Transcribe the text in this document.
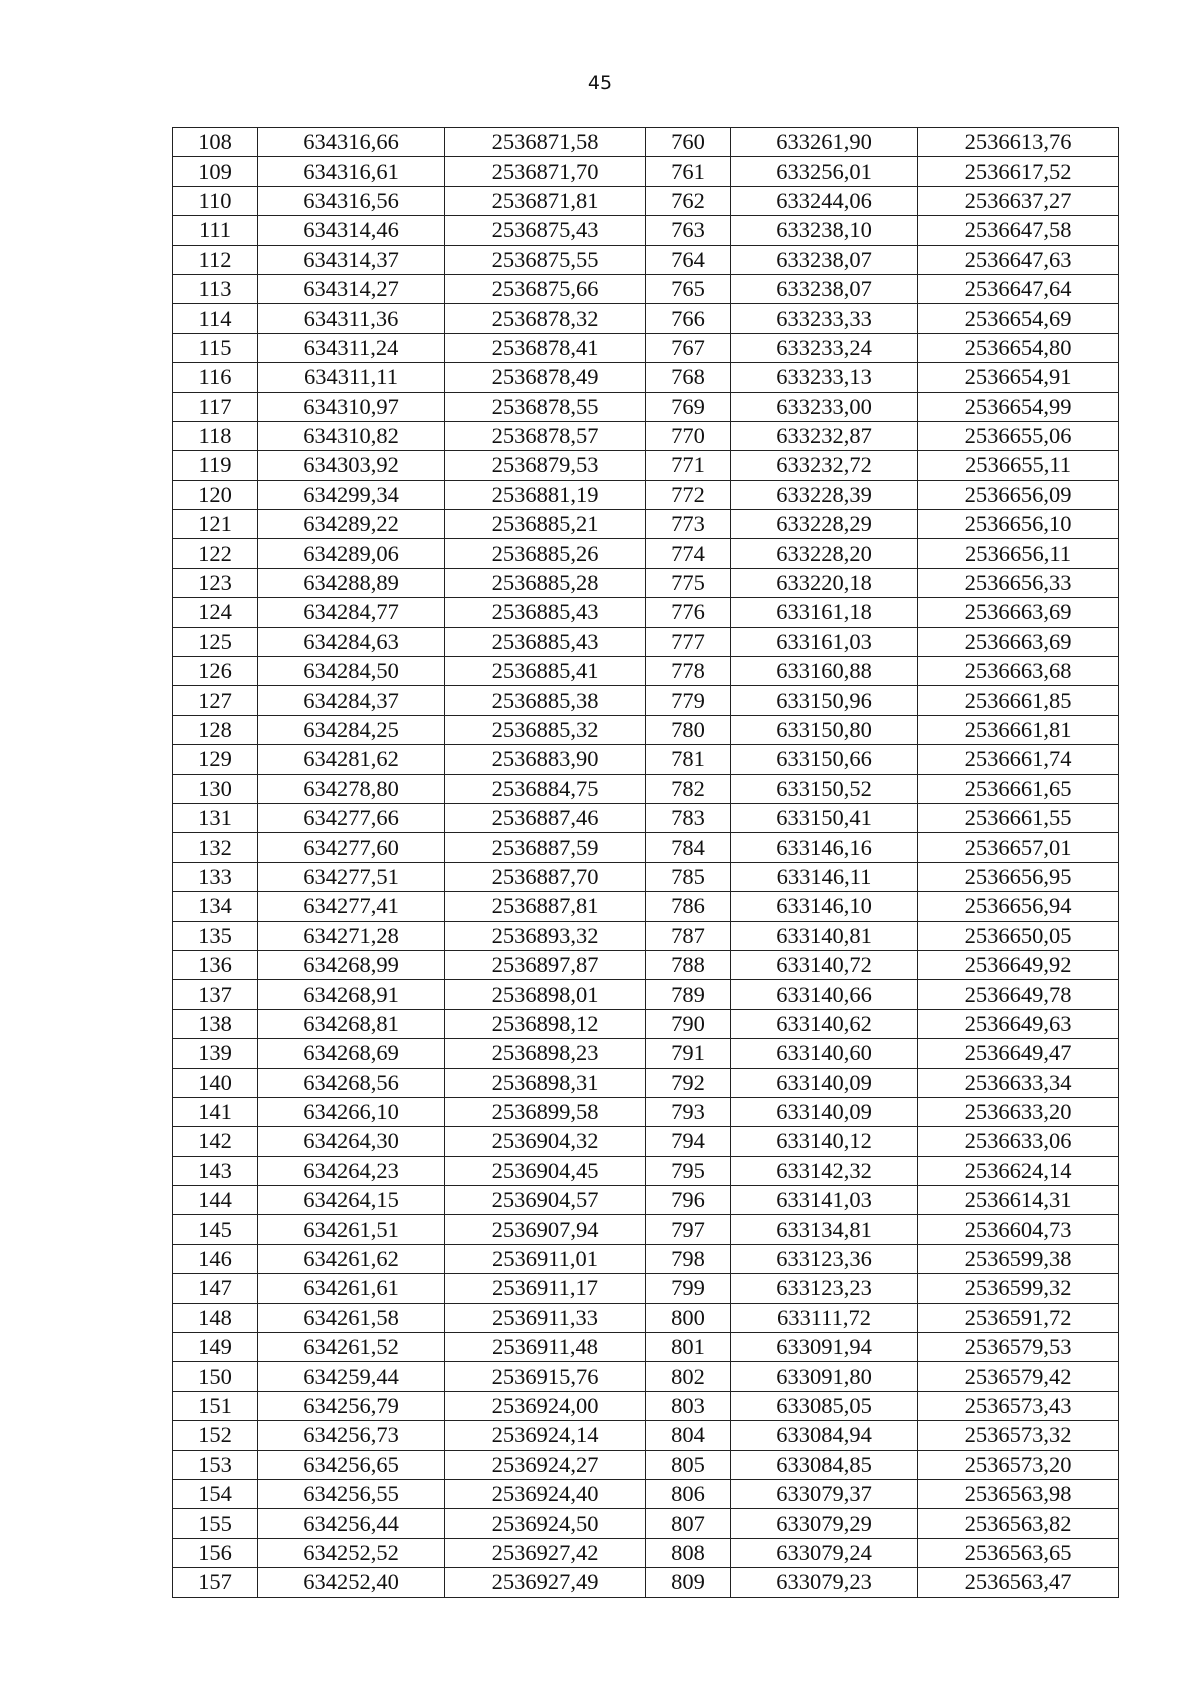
45
108	634316,66	2536871,58	760	633261,90	2536613,76
109	634316,61	2536871,70	761	633256,01	2536617,52
110	634316,56	2536871,81	762	633244,06	2536637,27
111	634314,46	2536875,43	763	633238,10	2536647,58
112	634314,37	2536875,55	764	633238,07	2536647,63
113	634314,27	2536875,66	765	633238,07	2536647,64
114	634311,36	2536878,32	766	633233,33	2536654,69
115	634311,24	2536878,41	767	633233,24	2536654,80
116	634311,11	2536878,49	768	633233,13	2536654,91
117	634310,97	2536878,55	769	633233,00	2536654,99
118	634310,82	2536878,57	770	633232,87	2536655,06
119	634303,92	2536879,53	771	633232,72	2536655,11
120	634299,34	2536881,19	772	633228,39	2536656,09
121	634289,22	2536885,21	773	633228,29	2536656,10
122	634289,06	2536885,26	774	633228,20	2536656,11
123	634288,89	2536885,28	775	633220,18	2536656,33
124	634284,77	2536885,43	776	633161,18	2536663,69
125	634284,63	2536885,43	777	633161,03	2536663,69
126	634284,50	2536885,41	778	633160,88	2536663,68
127	634284,37	2536885,38	779	633150,96	2536661,85
128	634284,25	2536885,32	780	633150,80	2536661,81
129	634281,62	2536883,90	781	633150,66	2536661,74
130	634278,80	2536884,75	782	633150,52	2536661,65
131	634277,66	2536887,46	783	633150,41	2536661,55
132	634277,60	2536887,59	784	633146,16	2536657,01
133	634277,51	2536887,70	785	633146,11	2536656,95
134	634277,41	2536887,81	786	633146,10	2536656,94
135	634271,28	2536893,32	787	633140,81	2536650,05
136	634268,99	2536897,87	788	633140,72	2536649,92
137	634268,91	2536898,01	789	633140,66	2536649,78
138	634268,81	2536898,12	790	633140,62	2536649,63
139	634268,69	2536898,23	791	633140,60	2536649,47
140	634268,56	2536898,31	792	633140,09	2536633,34
141	634266,10	2536899,58	793	633140,09	2536633,20
142	634264,30	2536904,32	794	633140,12	2536633,06
143	634264,23	2536904,45	795	633142,32	2536624,14
144	634264,15	2536904,57	796	633141,03	2536614,31
145	634261,51	2536907,94	797	633134,81	2536604,73
146	634261,62	2536911,01	798	633123,36	2536599,38
147	634261,61	2536911,17	799	633123,23	2536599,32
148	634261,58	2536911,33	800	633111,72	2536591,72
149	634261,52	2536911,48	801	633091,94	2536579,53
150	634259,44	2536915,76	802	633091,80	2536579,42
151	634256,79	2536924,00	803	633085,05	2536573,43
152	634256,73	2536924,14	804	633084,94	2536573,32
153	634256,65	2536924,27	805	633084,85	2536573,20
154	634256,55	2536924,40	806	633079,37	2536563,98
155	634256,44	2536924,50	807	633079,29	2536563,82
156	634252,52	2536927,42	808	633079,24	2536563,65
157	634252,40	2536927,49	809	633079,23	2536563,47
